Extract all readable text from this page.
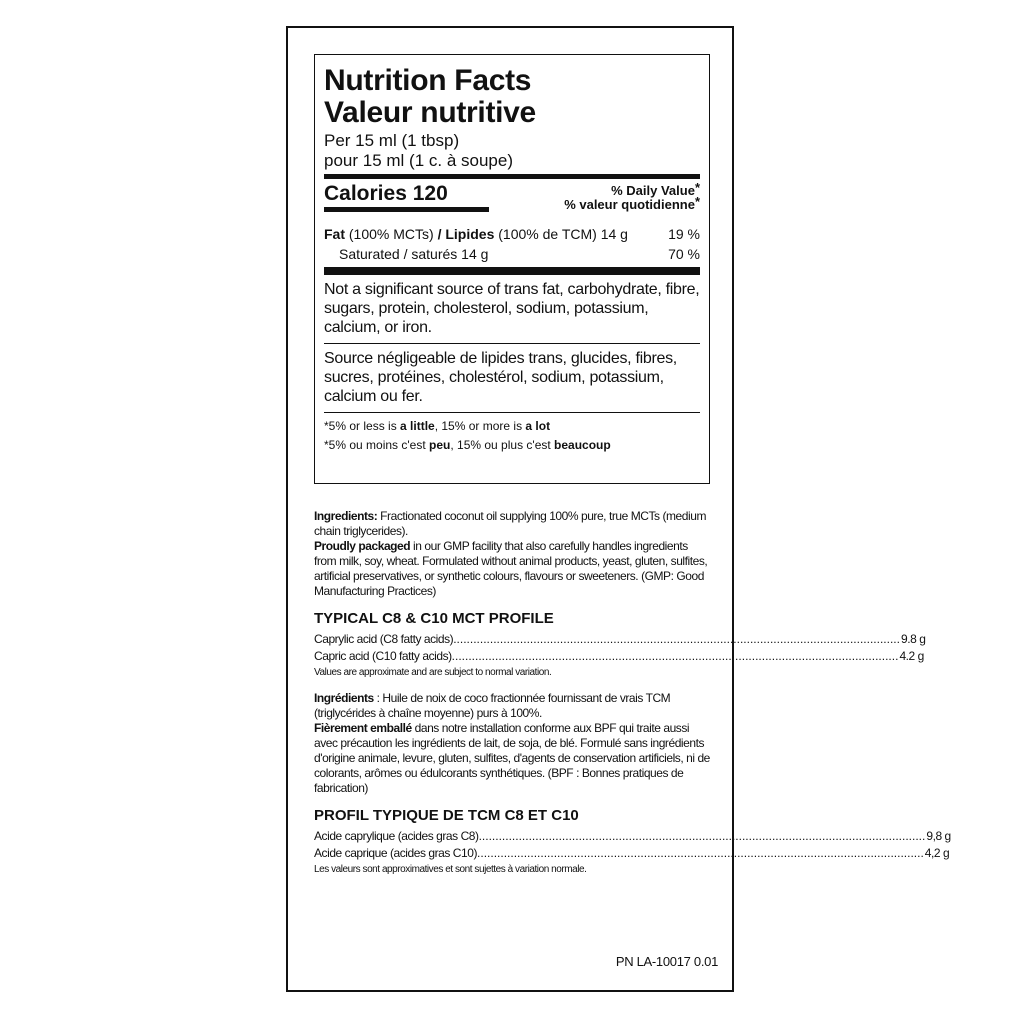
Nutrition Facts
Valeur nutritive
Per 15 ml (1 tbsp)
pour 15 ml (1 c. à soupe)
Calories 120	% Daily Value*
% valeur quotidienne*
Fat (100% MCTs) / Lipides (100% de TCM) 14 g	19 %
Saturated / saturés 14 g	70 %
Not a significant source of trans fat, carbohydrate, fibre, sugars, protein, cholesterol, sodium, potassium, calcium, or iron.
Source négligeable de lipides trans, glucides, fibres, sucres, protéines, cholestérol, sodium, potassium, calcium ou fer.
*5% or less is a little, 15% or more is a lot
*5% ou moins c'est peu, 15% ou plus c'est beaucoup

Ingredients: Fractionated coconut oil supplying 100% pure, true MCTs (medium chain triglycerides).

Proudly packaged in our GMP facility that also carefully handles ingredients from milk, soy, wheat. Formulated without animal products, yeast, gluten, sulfites, artificial preservatives, or synthetic colours, flavours or sweeteners. (GMP: Good Manufacturing Practices)

TYPICAL C8 & C10 MCT PROFILE
Caprylic acid (C8 fatty acids) ...................................................................................................................................... 9.8 g
Capric acid (C10 fatty acids) ...................................................................................................................................... 4.2 g
Values are approximate and are subject to normal variation.

Ingrédients : Huile de noix de coco fractionnée fournissant de vrais TCM (triglycérides à chaîne moyenne) purs à 100%.

Fièrement emballé dans notre installation conforme aux BPF qui traite aussi avec précaution les ingrédients de lait, de soja, de blé. Formulé sans ingrédients d'origine animale, levure, gluten, sulfites, d'agents de conservation artificiels, ni de colorants, arômes ou édulcorants synthétiques. (BPF : Bonnes pratiques de fabrication)

PROFIL TYPIQUE DE TCM C8 ET C10
Acide caprylique (acides gras C8) ...................................................................................................................................... 9,8 g
Acide caprique (acides gras C10) ...................................................................................................................................... 4,2 g
Les valeurs sont approximatives et sont sujettes à variation normale.
PN LA-10017 0.01
